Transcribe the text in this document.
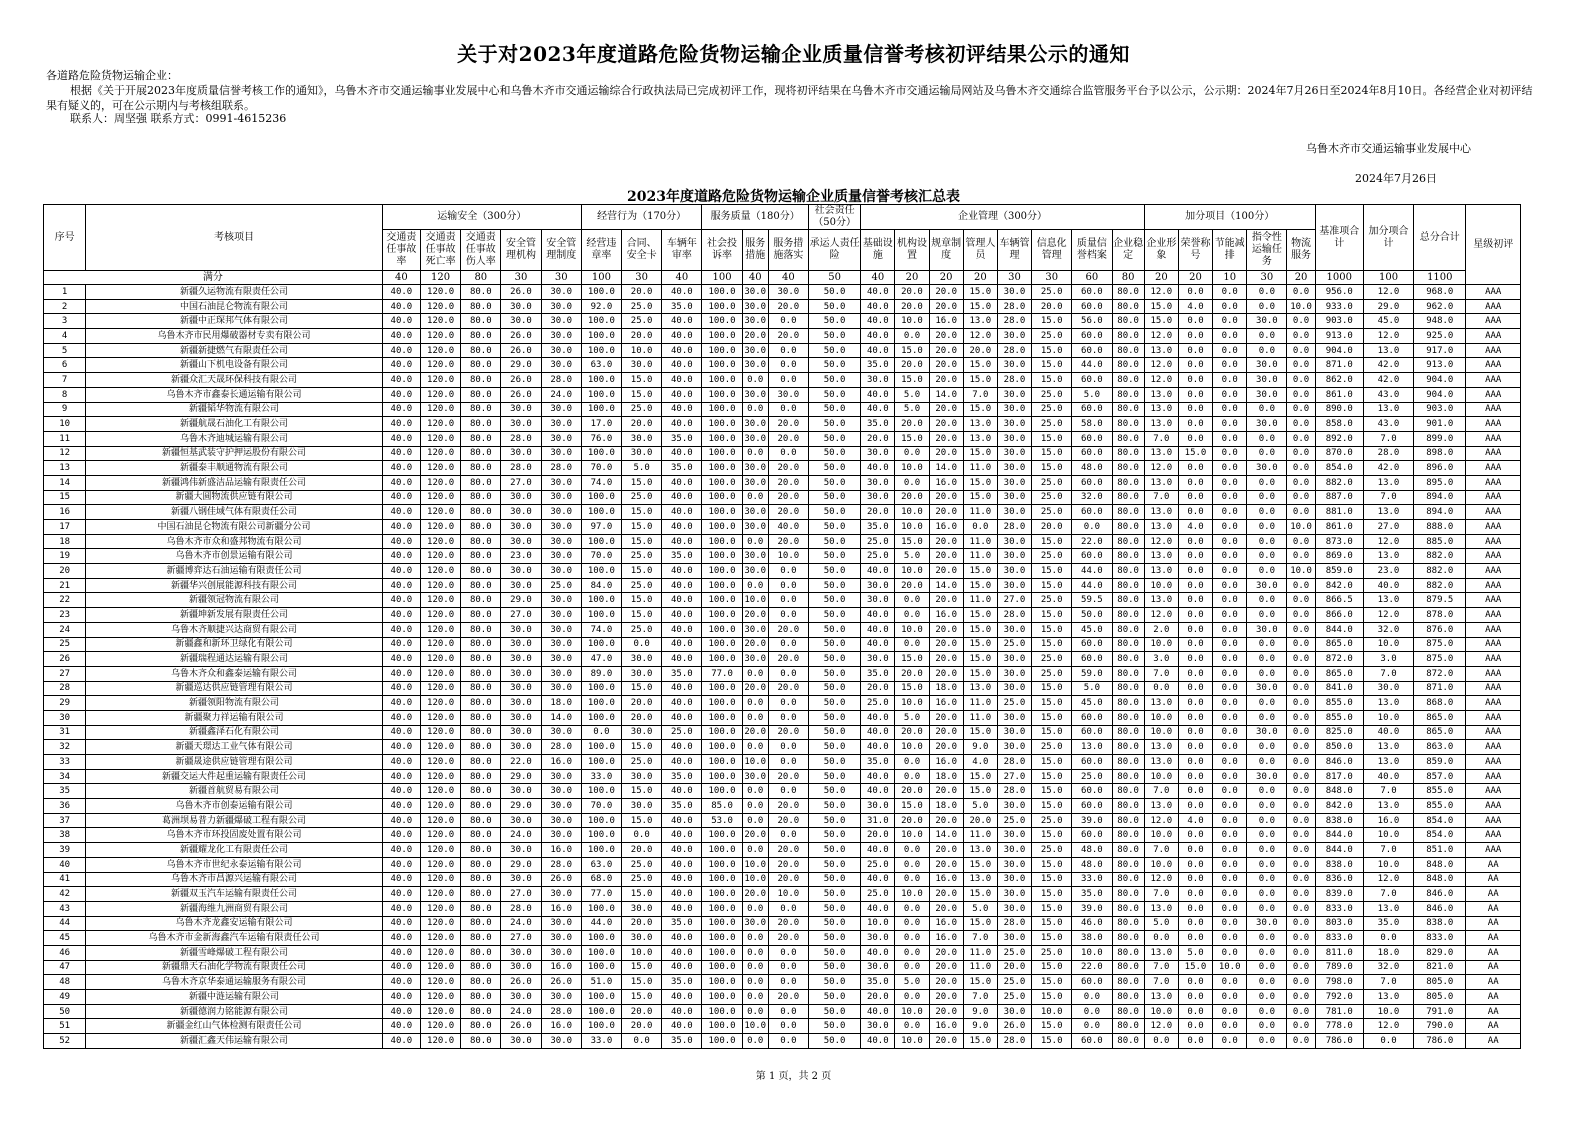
关于对2023年度道路危险货物运输企业质量信誉考核初评结果公示的通知
各道路危险货物运输企业：
根据《关于开展2023年度质量信誉考核工作的通知》，乌鲁木齐市交通运输事业发展中心和乌鲁木齐市交通运输综合行政执法局已完成初评工作，现将初评结果在乌鲁木齐市交通运输局网站及乌鲁木齐交通综合监管服务平台予以公示，公示期：2024年7月26日至2024年8月10日。各经营企业对初评结果有疑义的，可在公示期内与考核组联系。
联系人：周坚强 联系方式：0991-4615236
乌鲁木齐市交通运输事业发展中心
2024年7月26日
2023年度道路危险货物运输企业质量信誉考核汇总表
序号	考核项目	运输安全（300分）					经营行为（170分）			服务质量（180分）			社会责任（50分）	企业管理（300分）								加分项目（100分）					基准项合计	加分项合计	总分合计	星级初评
		交通责任事故率	交通责任事故死亡率	交通责任事故伤人率	安全管理机构	安全管理制度	经营违章率	合同、安全卡	车辆年审率	社会投诉率	服务措施	服务措施落实	承运人责任险	基础设施	机构设置	规章制度	管理人员	车辆管理	信息化管理	质量信誉档案	企业稳定	企业形象	荣誉称号	节能减排	指令性运输任务	物流服务				
满分		40	120	80	30	30	100	30	40	100	40	40	50	40	20	20	20	30	30	60	80	20	20	10	30	20	1000	100	1100	
1	新疆久运物流有限责任公司	40.0	120.0	80.0	26.0	30.0	100.0	20.0	40.0	100.0	30.0	30.0	50.0	40.0	20.0	20.0	15.0	30.0	25.0	60.0	80.0	12.0	0.0	0.0	0.0	0.0	956.0	12.0	968.0	AAA
2	中国石油昆仑物流有限公司	40.0	120.0	80.0	30.0	30.0	92.0	25.0	35.0	100.0	30.0	20.0	50.0	40.0	20.0	20.0	15.0	28.0	20.0	60.0	80.0	15.0	4.0	0.0	0.0	10.0	933.0	29.0	962.0	AAA
3	新疆中正琛邦气体有限公司	40.0	120.0	80.0	30.0	30.0	100.0	25.0	40.0	100.0	30.0	0.0	50.0	40.0	10.0	16.0	13.0	28.0	15.0	56.0	80.0	15.0	0.0	0.0	30.0	0.0	903.0	45.0	948.0	AAA
4	乌鲁木齐市民用爆破器材专卖有限公司	40.0	120.0	80.0	26.0	30.0	100.0	20.0	40.0	100.0	20.0	20.0	50.0	40.0	0.0	20.0	12.0	30.0	25.0	60.0	80.0	12.0	0.0	0.0	0.0	0.0	913.0	12.0	925.0	AAA
5	新疆新捷燃气有限责任公司	40.0	120.0	80.0	26.0	30.0	100.0	10.0	40.0	100.0	30.0	0.0	50.0	40.0	15.0	20.0	20.0	28.0	15.0	60.0	80.0	13.0	0.0	0.0	0.0	0.0	904.0	13.0	917.0	AAA
6	新疆山下机电设备有限公司	40.0	120.0	80.0	29.0	30.0	63.0	30.0	40.0	100.0	30.0	0.0	50.0	35.0	20.0	20.0	15.0	30.0	15.0	44.0	80.0	12.0	0.0	0.0	30.0	0.0	871.0	42.0	913.0	AAA
7	新疆众汇天晟环保科技有限公司	40.0	120.0	80.0	26.0	28.0	100.0	15.0	40.0	100.0	0.0	0.0	50.0	30.0	15.0	20.0	15.0	28.0	15.0	60.0	80.0	12.0	0.0	0.0	30.0	0.0	862.0	42.0	904.0	AAA
8	乌鲁木齐市鑫泰长通运输有限公司	40.0	120.0	80.0	26.0	24.0	100.0	15.0	40.0	100.0	30.0	30.0	50.0	40.0	5.0	14.0	7.0	30.0	25.0	5.0	80.0	13.0	0.0	0.0	30.0	0.0	861.0	43.0	904.0	AAA
9	新疆韬华物流有限公司	40.0	120.0	80.0	30.0	30.0	100.0	25.0	40.0	100.0	0.0	0.0	50.0	40.0	5.0	20.0	15.0	30.0	25.0	60.0	80.0	13.0	0.0	0.0	0.0	0.0	890.0	13.0	903.0	AAA
10	新疆航晟石油化工有限公司	40.0	120.0	80.0	30.0	30.0	17.0	20.0	40.0	100.0	30.0	20.0	50.0	35.0	20.0	20.0	13.0	30.0	25.0	58.0	80.0	13.0	0.0	0.0	30.0	0.0	858.0	43.0	901.0	AAA
11	乌鲁木齐迪城运输有限公司	40.0	120.0	80.0	28.0	30.0	76.0	30.0	35.0	100.0	30.0	20.0	50.0	20.0	15.0	20.0	13.0	30.0	15.0	60.0	80.0	7.0	0.0	0.0	0.0	0.0	892.0	7.0	899.0	AAA
12	新疆恒基武装守护押运股份有限公司	40.0	120.0	80.0	30.0	30.0	100.0	30.0	40.0	100.0	0.0	0.0	50.0	30.0	0.0	20.0	15.0	30.0	15.0	60.0	80.0	13.0	15.0	0.0	0.0	0.0	870.0	28.0	898.0	AAA
13	新疆泰丰顺通物流有限公司	40.0	120.0	80.0	28.0	28.0	70.0	5.0	35.0	100.0	30.0	20.0	50.0	40.0	10.0	14.0	11.0	30.0	15.0	48.0	80.0	12.0	0.0	0.0	30.0	0.0	854.0	42.0	896.0	AAA
14	新疆鸿伟新盛洁品运输有限责任公司	40.0	120.0	80.0	27.0	30.0	74.0	15.0	40.0	100.0	30.0	20.0	50.0	30.0	0.0	16.0	15.0	30.0	25.0	60.0	80.0	13.0	0.0	0.0	0.0	0.0	882.0	13.0	895.0	AAA
15	新疆大圆物流供应链有限公司	40.0	120.0	80.0	30.0	30.0	100.0	25.0	40.0	100.0	0.0	20.0	50.0	30.0	20.0	20.0	15.0	30.0	25.0	32.0	80.0	7.0	0.0	0.0	0.0	0.0	887.0	7.0	894.0	AAA
16	新疆八钢佳域气体有限责任公司	40.0	120.0	80.0	30.0	30.0	100.0	15.0	40.0	100.0	30.0	20.0	50.0	20.0	10.0	20.0	11.0	30.0	25.0	60.0	80.0	13.0	0.0	0.0	0.0	0.0	881.0	13.0	894.0	AAA
17	中国石油昆仑物流有限公司新疆分公司	40.0	120.0	80.0	30.0	30.0	97.0	15.0	40.0	100.0	30.0	40.0	50.0	35.0	10.0	16.0	0.0	28.0	20.0	0.0	80.0	13.0	4.0	0.0	0.0	10.0	861.0	27.0	888.0	AAA
18	乌鲁木齐市众和盛邦物流有限公司	40.0	120.0	80.0	30.0	30.0	100.0	15.0	40.0	100.0	0.0	20.0	50.0	25.0	15.0	20.0	11.0	30.0	15.0	22.0	80.0	12.0	0.0	0.0	0.0	0.0	873.0	12.0	885.0	AAA
19	乌鲁木齐市创景运输有限公司	40.0	120.0	80.0	23.0	30.0	70.0	25.0	35.0	100.0	30.0	10.0	50.0	25.0	5.0	20.0	11.0	30.0	25.0	60.0	80.0	13.0	0.0	0.0	0.0	0.0	869.0	13.0	882.0	AAA
20	新疆博弈达石油运输有限责任公司	40.0	120.0	80.0	30.0	30.0	100.0	15.0	40.0	100.0	30.0	0.0	50.0	40.0	10.0	20.0	15.0	30.0	15.0	44.0	80.0	13.0	0.0	0.0	0.0	10.0	859.0	23.0	882.0	AAA
21	新疆华兴创展能源科技有限公司	40.0	120.0	80.0	30.0	25.0	84.0	25.0	40.0	100.0	0.0	0.0	50.0	30.0	20.0	14.0	15.0	30.0	15.0	44.0	80.0	10.0	0.0	0.0	30.0	0.0	842.0	40.0	882.0	AAA
22	新疆领冠物流有限公司	40.0	120.0	80.0	29.0	30.0	100.0	15.0	40.0	100.0	10.0	0.0	50.0	30.0	0.0	20.0	11.0	27.0	25.0	59.5	80.0	13.0	0.0	0.0	0.0	0.0	866.5	13.0	879.5	AAA
23	新疆坤新发展有限责任公司	40.0	120.0	80.0	27.0	30.0	100.0	15.0	40.0	100.0	20.0	0.0	50.0	40.0	0.0	16.0	15.0	28.0	15.0	50.0	80.0	12.0	0.0	0.0	0.0	0.0	866.0	12.0	878.0	AAA
24	乌鲁木齐顺捷兴达商贸有限公司	40.0	120.0	80.0	30.0	30.0	74.0	25.0	40.0	100.0	30.0	20.0	50.0	40.0	10.0	20.0	15.0	30.0	15.0	45.0	80.0	2.0	0.0	0.0	30.0	0.0	844.0	32.0	876.0	AAA
25	新疆鑫和新环卫绿化有限公司	40.0	120.0	80.0	30.0	30.0	100.0	0.0	40.0	100.0	20.0	0.0	50.0	40.0	0.0	20.0	15.0	25.0	15.0	60.0	80.0	10.0	0.0	0.0	0.0	0.0	865.0	10.0	875.0	AAA
26	新疆瑞程通达运输有限公司	40.0	120.0	80.0	30.0	30.0	47.0	30.0	40.0	100.0	30.0	20.0	50.0	30.0	15.0	20.0	15.0	30.0	25.0	60.0	80.0	3.0	0.0	0.0	0.0	0.0	872.0	3.0	875.0	AAA
27	乌鲁木齐众和鑫泰运输有限公司	40.0	120.0	80.0	30.0	30.0	89.0	30.0	35.0	77.0	0.0	0.0	50.0	35.0	20.0	20.0	15.0	30.0	25.0	59.0	80.0	7.0	0.0	0.0	0.0	0.0	865.0	7.0	872.0	AAA
28	新疆巡达供应链管理有限公司	40.0	120.0	80.0	30.0	30.0	100.0	15.0	40.0	100.0	20.0	20.0	50.0	20.0	15.0	18.0	13.0	30.0	15.0	5.0	80.0	0.0	0.0	0.0	30.0	0.0	841.0	30.0	871.0	AAA
29	新疆领阳物流有限公司	40.0	120.0	80.0	30.0	18.0	100.0	20.0	40.0	100.0	0.0	0.0	50.0	25.0	10.0	16.0	11.0	25.0	15.0	45.0	80.0	13.0	0.0	0.0	0.0	0.0	855.0	13.0	868.0	AAA
30	新疆聚力祥运输有限公司	40.0	120.0	80.0	30.0	14.0	100.0	20.0	40.0	100.0	0.0	0.0	50.0	40.0	5.0	20.0	11.0	30.0	15.0	60.0	80.0	10.0	0.0	0.0	0.0	0.0	855.0	10.0	865.0	AAA
31	新疆鑫泽石化有限公司	40.0	120.0	80.0	30.0	30.0	0.0	30.0	25.0	100.0	20.0	20.0	50.0	40.0	20.0	20.0	15.0	30.0	15.0	60.0	80.0	10.0	0.0	0.0	30.0	0.0	825.0	40.0	865.0	AAA
32	新疆天璟达工业气体有限公司	40.0	120.0	80.0	30.0	28.0	100.0	15.0	40.0	100.0	0.0	0.0	50.0	40.0	10.0	20.0	9.0	30.0	25.0	13.0	80.0	13.0	0.0	0.0	0.0	0.0	850.0	13.0	863.0	AAA
33	新疆晟途供应链管理有限公司	40.0	120.0	80.0	22.0	16.0	100.0	25.0	40.0	100.0	10.0	0.0	50.0	35.0	0.0	16.0	4.0	28.0	15.0	60.0	80.0	13.0	0.0	0.0	0.0	0.0	846.0	13.0	859.0	AAA
34	新疆交运大件起重运输有限责任公司	40.0	120.0	80.0	29.0	30.0	33.0	30.0	35.0	100.0	30.0	20.0	50.0	40.0	0.0	18.0	15.0	27.0	15.0	25.0	80.0	10.0	0.0	0.0	30.0	0.0	817.0	40.0	857.0	AAA
35	新疆首航贸易有限公司	40.0	120.0	80.0	30.0	30.0	100.0	15.0	40.0	100.0	0.0	0.0	50.0	40.0	20.0	20.0	15.0	28.0	15.0	60.0	80.0	7.0	0.0	0.0	0.0	0.0	848.0	7.0	855.0	AAA
36	乌鲁木齐市创泰运输有限公司	40.0	120.0	80.0	29.0	30.0	70.0	30.0	35.0	85.0	0.0	20.0	50.0	30.0	15.0	18.0	5.0	30.0	15.0	60.0	80.0	13.0	0.0	0.0	0.0	0.0	842.0	13.0	855.0	AAA
37	葛洲坝易普力新疆爆破工程有限公司	40.0	120.0	80.0	30.0	30.0	100.0	15.0	40.0	53.0	0.0	20.0	50.0	31.0	20.0	20.0	20.0	25.0	25.0	39.0	80.0	12.0	4.0	0.0	0.0	0.0	838.0	16.0	854.0	AAA
38	乌鲁木齐市环投固废处置有限公司	40.0	120.0	80.0	24.0	30.0	100.0	0.0	40.0	100.0	20.0	0.0	50.0	20.0	10.0	14.0	11.0	30.0	15.0	60.0	80.0	10.0	0.0	0.0	0.0	0.0	844.0	10.0	854.0	AAA
39	新疆耀龙化工有限责任公司	40.0	120.0	80.0	30.0	16.0	100.0	20.0	40.0	100.0	0.0	20.0	50.0	40.0	0.0	20.0	13.0	30.0	25.0	48.0	80.0	7.0	0.0	0.0	0.0	0.0	844.0	7.0	851.0	AAA
40	乌鲁木齐市世纪永泰运输有限公司	40.0	120.0	80.0	29.0	28.0	63.0	25.0	40.0	100.0	10.0	20.0	50.0	25.0	0.0	20.0	15.0	30.0	15.0	48.0	80.0	10.0	0.0	0.0	0.0	0.0	838.0	10.0	848.0	AA
41	乌鲁木齐市昌源兴运输有限公司	40.0	120.0	80.0	30.0	26.0	68.0	25.0	40.0	100.0	10.0	20.0	50.0	40.0	0.0	16.0	13.0	30.0	15.0	33.0	80.0	12.0	0.0	0.0	0.0	0.0	836.0	12.0	848.0	AA
42	新疆双玉汽车运输有限责任公司	40.0	120.0	80.0	27.0	30.0	77.0	15.0	40.0	100.0	20.0	10.0	50.0	25.0	10.0	20.0	15.0	30.0	15.0	35.0	80.0	7.0	0.0	0.0	0.0	0.0	839.0	7.0	846.0	AA
43	新疆海维九洲商贸有限公司	40.0	120.0	80.0	28.0	16.0	100.0	30.0	40.0	100.0	0.0	0.0	50.0	40.0	0.0	20.0	5.0	30.0	15.0	39.0	80.0	13.0	0.0	0.0	0.0	0.0	833.0	13.0	846.0	AA
44	乌鲁木齐龙鑫安运输有限公司	40.0	120.0	80.0	24.0	30.0	44.0	20.0	35.0	100.0	30.0	20.0	50.0	10.0	0.0	16.0	15.0	28.0	15.0	46.0	80.0	5.0	0.0	0.0	30.0	0.0	803.0	35.0	838.0	AA
45	乌鲁木齐市金新海鑫汽车运输有限责任公司	40.0	120.0	80.0	27.0	30.0	100.0	30.0	40.0	100.0	0.0	20.0	50.0	30.0	0.0	16.0	7.0	30.0	15.0	38.0	80.0	0.0	0.0	0.0	0.0	0.0	833.0	0.0	833.0	AA
46	新疆雪峰爆破工程有限公司	40.0	120.0	80.0	30.0	30.0	100.0	10.0	40.0	100.0	0.0	0.0	50.0	40.0	0.0	20.0	11.0	25.0	25.0	10.0	80.0	13.0	5.0	0.0	0.0	0.0	811.0	18.0	829.0	AA
47	新疆鼎天石油化学物流有限责任公司	40.0	120.0	80.0	30.0	16.0	100.0	15.0	40.0	100.0	0.0	0.0	50.0	30.0	0.0	20.0	11.0	20.0	15.0	22.0	80.0	7.0	15.0	10.0	0.0	0.0	789.0	32.0	821.0	AA
48	乌鲁木齐京华泰通运输服务有限公司	40.0	120.0	80.0	26.0	26.0	51.0	15.0	35.0	100.0	0.0	0.0	50.0	35.0	5.0	20.0	15.0	25.0	15.0	60.0	80.0	7.0	0.0	0.0	0.0	0.0	798.0	7.0	805.0	AA
49	新疆中涟运输有限公司	40.0	120.0	80.0	30.0	30.0	100.0	15.0	40.0	100.0	0.0	20.0	50.0	20.0	0.0	20.0	7.0	25.0	15.0	0.0	80.0	13.0	0.0	0.0	0.0	0.0	792.0	13.0	805.0	AA
50	新疆德润力铭能源有限公司	40.0	120.0	80.0	24.0	28.0	100.0	20.0	40.0	100.0	0.0	0.0	50.0	40.0	10.0	20.0	9.0	30.0	10.0	0.0	80.0	10.0	0.0	0.0	0.0	0.0	781.0	10.0	791.0	AA
51	新疆金红山气体检测有限责任公司	40.0	120.0	80.0	26.0	16.0	100.0	20.0	40.0	100.0	10.0	0.0	50.0	30.0	0.0	16.0	9.0	26.0	15.0	0.0	80.0	12.0	0.0	0.0	0.0	0.0	778.0	12.0	790.0	AA
52	新疆汇鑫天伟运输有限公司	40.0	120.0	80.0	30.0	30.0	33.0	0.0	35.0	100.0	0.0	0.0	50.0	40.0	10.0	20.0	15.0	28.0	15.0	60.0	80.0	0.0	0.0	0.0	0.0	0.0	786.0	0.0	786.0	AA
第 1 页，共 2 页
